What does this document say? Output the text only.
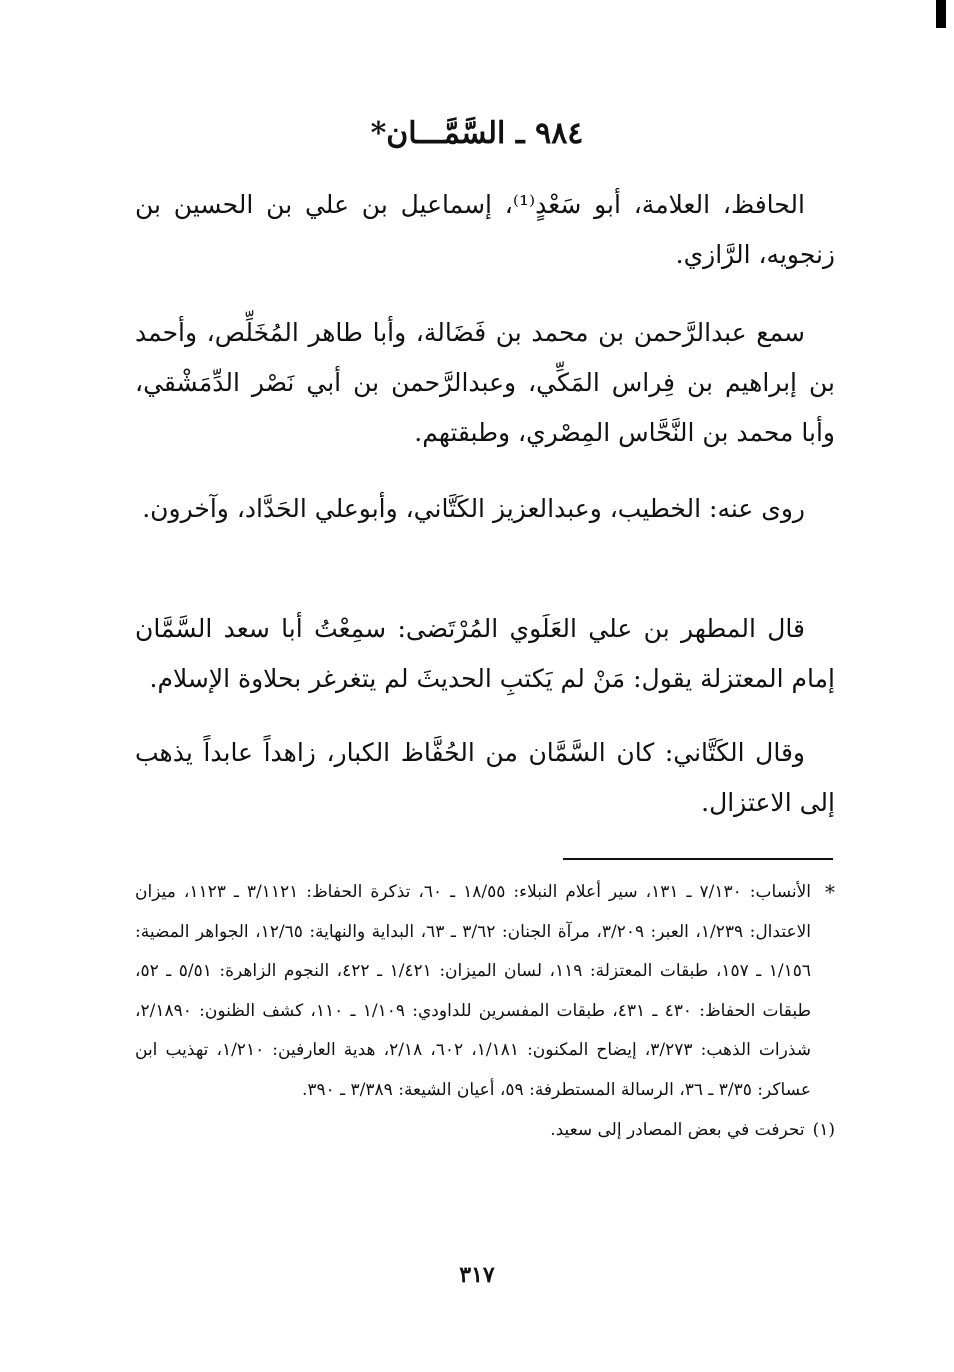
٩٨٤ ـ السَّمَّـــان*

الحافظ، العلامة، أبو سَعْدٍ⁽¹⁾، إسماعيل بن علي بن الحسين بن زنجويه، الرَّازي.

سمع عبدالرَّحمن بن محمد بن فَضَالة، وأبا طاهر المُخَلِّص، وأحمد بن إبراهيم بن فِراس المَكِّي، وعبدالرَّحمن بن أبي نَصْر الدِّمَشْقي، وأبا محمد بن النَّحَّاس المِصْري، وطبقتهم.

روى عنه: الخطيب، وعبدالعزيز الكَتَّاني، وأبوعلي الحَدَّاد، وآخرون.

قال المطهر بن علي العَلَوي المُرْتَضى: سمِعْتُ أبا سعد السَّمَّان إمام المعتزلة يقول: مَنْ لم يَكتبِ الحديثَ لم يتغرغر بحلاوة الإسلام.

وقال الكَتَّاني: كان السَّمَّان من الحُفَّاظ الكبار، زاهداً عابداً يذهب إلى الاعتزال.

*
الأنساب: ٧/١٣٠ ـ ١٣١، سير أعلام النبلاء: ١٨/٥٥ ـ ٦٠، تذكرة الحفاظ: ٣/١١٢١ ـ ١١٢٣، ميزان الاعتدال: ١/٢٣٩، العبر: ٣/٢٠٩، مرآة الجنان: ٣/٦٢ ـ ٦٣، البداية والنهاية: ١٢/٦٥، الجواهر المضية: ١/١٥٦ ـ ١٥٧، طبقات المعتزلة: ١١٩، لسان الميزان: ١/٤٢١ ـ ٤٢٢، النجوم الزاهرة: ٥/٥١ ـ ٥٢، طبقات الحفاظ: ٤٣٠ ـ ٤٣١، طبقات المفسرين للداودي: ١/١٠٩ ـ ١١٠، كشف الظنون: ٢/١٨٩٠، شذرات الذهب: ٣/٢٧٣، إيضاح المكنون: ١/١٨١، ٦٠٢، ٢/١٨، هدية العارفين: ١/٢١٠، تهذيب ابن عساكر: ٣/٣٥ ـ ٣٦، الرسالة المستطرفة: ٥٩، أعيان الشيعة: ٣/٣٨٩ ـ ٣٩٠.
(١)
تحرفت في بعض المصادر إلى سعيد.
٣١٧
